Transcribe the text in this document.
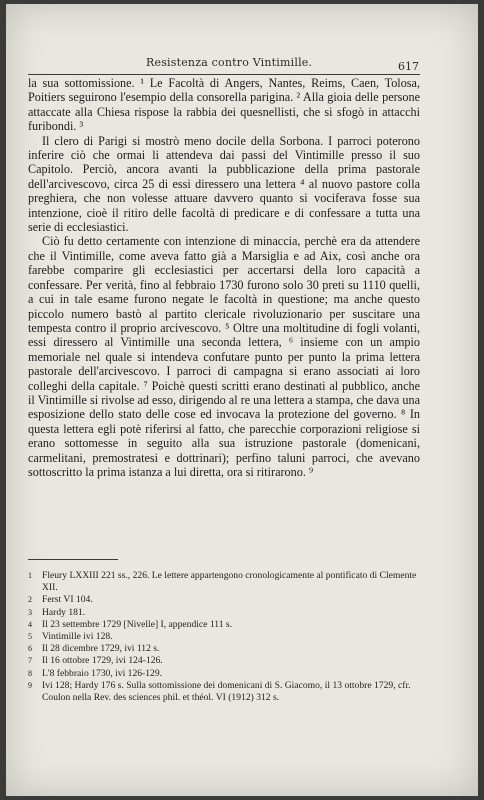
Resistenza contro Vintimille.	617

la sua sottomissione. ¹ Le Facoltà di Angers, Nantes, Reims, Caen, Tolosa, Poitiers seguirono l'esempio della consorella parigina. ² Alla gioia delle persone attaccate alla Chiesa rispose la rabbia dei quesnellisti, che si sfogò in attacchi furibondi. ³

Il clero di Parigi si mostrò meno docile della Sorbona. I parroci poterono inferire ciò che ormai li attendeva dai passi del Vintimille presso il suo Capitolo. Perciò, ancora avanti la pubblicazione della prima pastorale dell'arcivescovo, circa 25 di essi diressero una lettera ⁴ al nuovo pastore colla preghiera, che non volesse attuare davvero quanto si vociferava fosse sua intenzione, cioè il ritiro delle facoltà di predicare e di confessare a tutta una serie di ecclesiastici.

Ciò fu detto certamente con intenzione di minaccia, perchè era da attendere che il Vintimille, come aveva fatto già a Marsiglia e ad Aix, così anche ora farebbe comparire gli ecclesiastici per accertarsi della loro capacità a confessare. Per verità, fino al febbraio 1730 furono solo 30 preti su 1110 quelli, a cui in tale esame furono negate le facoltà in questione; ma anche questo piccolo numero bastò al partito clericale rivoluzionario per suscitare una tempesta contro il proprio arcivescovo. ⁵ Oltre una moltitudine di fogli volanti, essi diressero al Vintimille una seconda lettera, ⁶ insieme con un ampio memoriale nel quale si intendeva confutare punto per punto la prima lettera pastorale dell'arcivescovo. I parroci di campagna si erano associati ai loro colleghi della capitale. ⁷ Poichè questi scritti erano destinati al pubblico, anche il Vintimille si rivolse ad esso, dirigendo al re una lettera a stampa, che dava una esposizione dello stato delle cose ed invocava la protezione del governo. ⁸ In questa lettera egli potè riferirsi al fatto, che parecchie corporazioni religiose si erano sottomesse in seguito alla sua istruzione pastorale (domenicani, carmelitani, premostratesi e dottrinari); perfino taluni parroci, che avevano sottoscritto la prima istanza a lui diretta, ora si ritirarono. ⁹

1 Fleury LXXIII 221 ss., 226. Le lettere appartengono cronologicamente al pontificato di Clemente XII.
2 Ferst VI 104.
3 Hardy 181.
4 Il 23 settembre 1729 [Nivelle] I, appendice 111 s.
5 Vintimille ivi 128.
6 Il 28 dicembre 1729, ivi 112 s.
7 Il 16 ottobre 1729, ivi 124-126.
8 L'8 febbraio 1730, ivi 126-129.
9 Ivi 128; Hardy 176 s. Sulla sottomissione dei domenicani di S. Giacomo, il 13 ottobre 1729, cfr. Coulon nella Rev. des sciences phil. et théol. VI (1912) 312 s.
